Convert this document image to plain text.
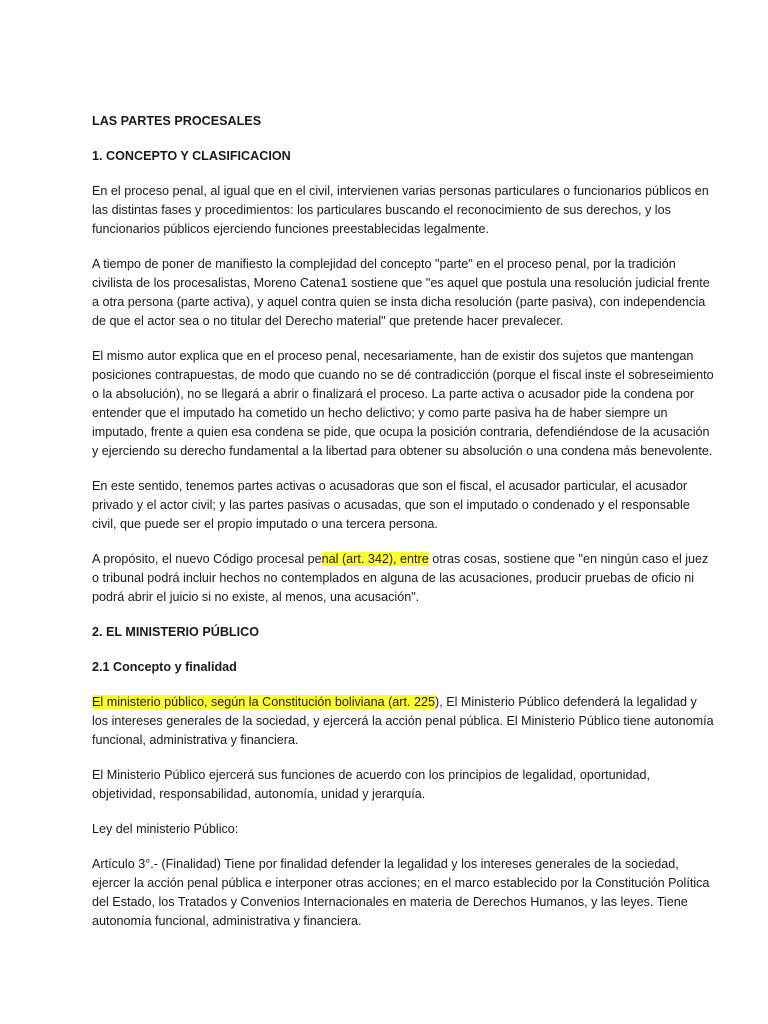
LAS PARTES PROCESALES
1. CONCEPTO Y CLASIFICACION

En el proceso penal, al igual que en el civil, intervienen varias personas particulares o funcionarios públicos en las distintas fases y procedimientos: los particulares buscando el reconocimiento de sus derechos, y los funcionarios públicos ejerciendo funciones preestablecidas legalmente.

A tiempo de poner de manifiesto la complejidad del concepto "parte" en el proceso penal, por la tradición civilista de los procesalistas, Moreno Catena1 sostiene que "es aquel que postula una resolución judicial frente a otra persona (parte activa), y aquel contra quien se insta dicha resolución (parte pasiva), con independencia de que el actor sea o no titular del Derecho material" que pretende hacer prevalecer.

El mismo autor explica que en el proceso penal, necesariamente, han de existir dos sujetos que mantengan posiciones contrapuestas, de modo que cuando no se dé contradicción (porque el fiscal inste el sobreseimiento o la absolución), no se llegará a abrir o finalizará el proceso. La parte activa o acusador pide la condena por entender que el imputado ha cometido un hecho delictivo; y como parte pasiva ha de haber siempre un imputado, frente a quien esa condena se pide, que ocupa la posición contraria, defendiéndose de la acusación y ejerciendo su derecho fundamental a la libertad para obtener su absolución o una condena más benevolente.

En este sentido, tenemos partes activas o acusadoras que son el fiscal, el acusador particular, el acusador privado y el actor civil; y las partes pasivas o acusadas, que son el imputado o condenado y el responsable civil, que puede ser el propio imputado o una tercera persona.

A propósito, el nuevo Código procesal penal (art. 342), entre otras cosas, sostiene que "en ningún caso el juez o tribunal podrá incluir hechos no contemplados en alguna de las acusaciones, producir pruebas de oficio ni podrá abrir el juicio si no existe, al menos, una acusación".

2. EL MINISTERIO PÚBLICO
2.1 Concepto y finalidad

El ministerio público, según la Constitución boliviana (art. 225), El Ministerio Público defenderá la legalidad y los intereses generales de la sociedad, y ejercerá la acción penal pública. El Ministerio Público tiene autonomía funcional, administrativa y financiera.

El Ministerio Público ejercerá sus funciones de acuerdo con los principios de legalidad, oportunidad, objetividad, responsabilidad, autonomía, unidad y jerarquía.

Ley del ministerio Público:

Artículo 3°.- (Finalidad) Tiene por finalidad defender la legalidad y los intereses generales de la sociedad, ejercer la acción penal pública e interponer otras acciones; en el marco establecido por la Constitución Política del Estado, los Tratados y Convenios Internacionales en materia de Derechos Humanos, y las leyes. Tiene autonomía funcional, administrativa y financiera.
